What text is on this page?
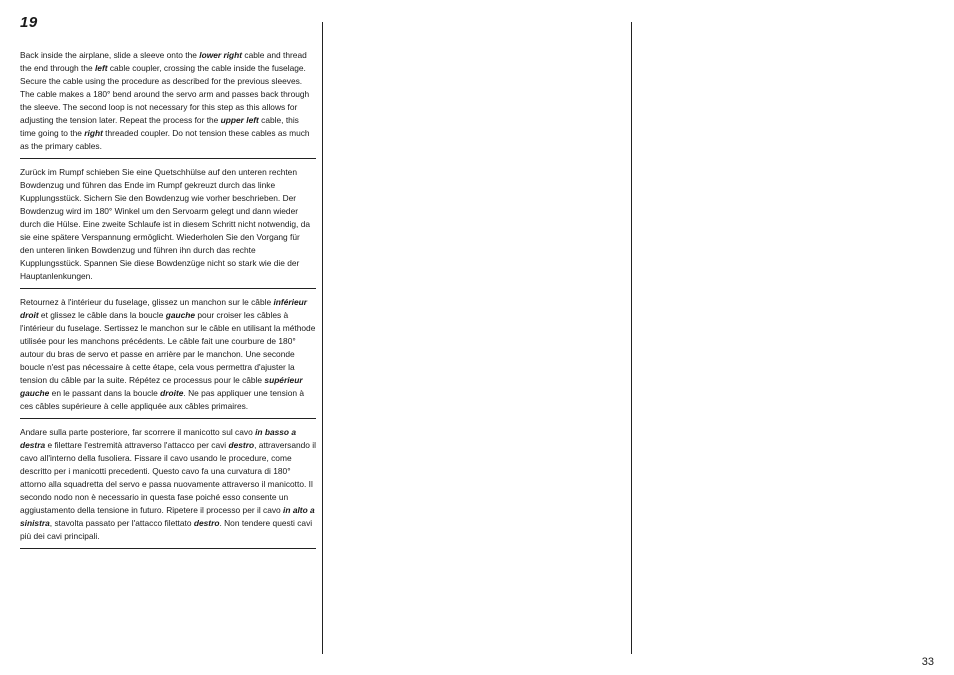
19

Back inside the airplane, slide a sleeve onto the lower right cable and thread the end through the left cable coupler, crossing the cable inside the fuselage. Secure the cable using the procedure as described for the previous sleeves. The cable makes a 180° bend around the servo arm and passes back through the sleeve. The second loop is not necessary for this step as this allows for adjusting the tension later. Repeat the process for the upper left cable, this time going to the right threaded coupler. Do not tension these cables as much as the primary cables.

Zurück im Rumpf schieben Sie eine Quetschhülse auf den unteren rechten Bowdenzug und führen das Ende im Rumpf gekreuzt durch das linke Kupplungsstück. Sichern Sie den Bowdenzug wie vorher beschrieben. Der Bowdenzug wird im 180° Winkel um den Servoarm gelegt und dann wieder durch die Hülse. Eine zweite Schlaufe ist in diesem Schritt nicht notwendig, da sie eine spätere Verspannung ermöglicht. Wiederholen Sie den Vorgang für den unteren linken Bowdenzug und führen ihn durch das rechte Kupplungsstück. Spannen Sie diese Bowdenzüge nicht so stark wie die der Hauptanlenkungen.

Retournez à l'intérieur du fuselage, glissez un manchon sur le câble inférieur droit et glissez le câble dans la boucle gauche pour croiser les câbles à l'intérieur du fuselage. Sertissez le manchon sur le câble en utilisant la méthode utilisée pour les manchons précédents. Le câble fait une courbure de 180° autour du bras de servo et passe en arrière par le manchon. Une seconde boucle n'est pas nécessaire à cette étape, cela vous permettra d'ajuster la tension du câble par la suite. Répétez ce processus pour le câble supérieur gauche en le passant dans la boucle droite. Ne pas appliquer une tension à ces câbles supérieure à celle appliquée aux câbles primaires.

Andare sulla parte posteriore, far scorrere il manicotto sul cavo in basso a destra e filettare l'estremità attraverso l'attacco per cavi destro, attraversando il cavo all'interno della fusoliera. Fissare il cavo usando le procedure, come descritto per i manicotti precedenti. Questo cavo fa una curvatura di 180° attorno alla squadretta del servo e passa nuovamente attraverso il manicotto. Il secondo nodo non è necessario in questa fase poiché esso consente un aggiustamento della tensione in futuro. Ripetere il processo per il cavo in alto a sinistra, stavolta passato per l'attacco filettato destro. Non tendere questi cavi più dei cavi principali.

33
